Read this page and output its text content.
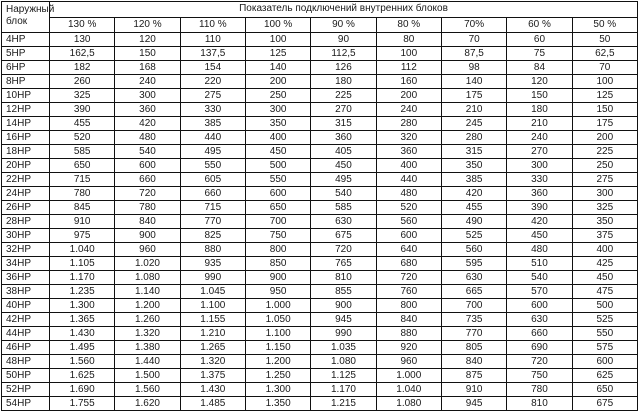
Наружный
блок	Показатель подключений внутренних блоков								
	130 %	120 %	110 %	100 %	90 %	80 %	70%	60 %	50 %
4HP	130	120	110	100	90	80	70	60	50
5HP	162,5	150	137,5	125	112,5	100	87,5	75	62,5
6HP	182	168	154	140	126	112	98	84	70
8HP	260	240	220	200	180	160	140	120	100
10HP	325	300	275	250	225	200	175	150	125
12HP	390	360	330	300	270	240	210	180	150
14HP	455	420	385	350	315	280	245	210	175
16HP	520	480	440	400	360	320	280	240	200
18HP	585	540	495	450	405	360	315	270	225
20HP	650	600	550	500	450	400	350	300	250
22HP	715	660	605	550	495	440	385	330	275
24HP	780	720	660	600	540	480	420	360	300
26HP	845	780	715	650	585	520	455	390	325
28HP	910	840	770	700	630	560	490	420	350
30HP	975	900	825	750	675	600	525	450	375
32HP	1.040	960	880	800	720	640	560	480	400
34HP	1.105	1.020	935	850	765	680	595	510	425
36HP	1.170	1.080	990	900	810	720	630	540	450
38HP	1.235	1.140	1.045	950	855	760	665	570	475
40HP	1.300	1.200	1.100	1.000	900	800	700	600	500
42HP	1.365	1.260	1.155	1.050	945	840	735	630	525
44HP	1.430	1.320	1.210	1.100	990	880	770	660	550
46HP	1.495	1.380	1.265	1.150	1.035	920	805	690	575
48HP	1.560	1.440	1.320	1.200	1.080	960	840	720	600
50HP	1.625	1.500	1.375	1.250	1.125	1.000	875	750	625
52HP	1.690	1.560	1.430	1.300	1.170	1.040	910	780	650
54HP	1.755	1.620	1.485	1.350	1.215	1.080	945	810	675
